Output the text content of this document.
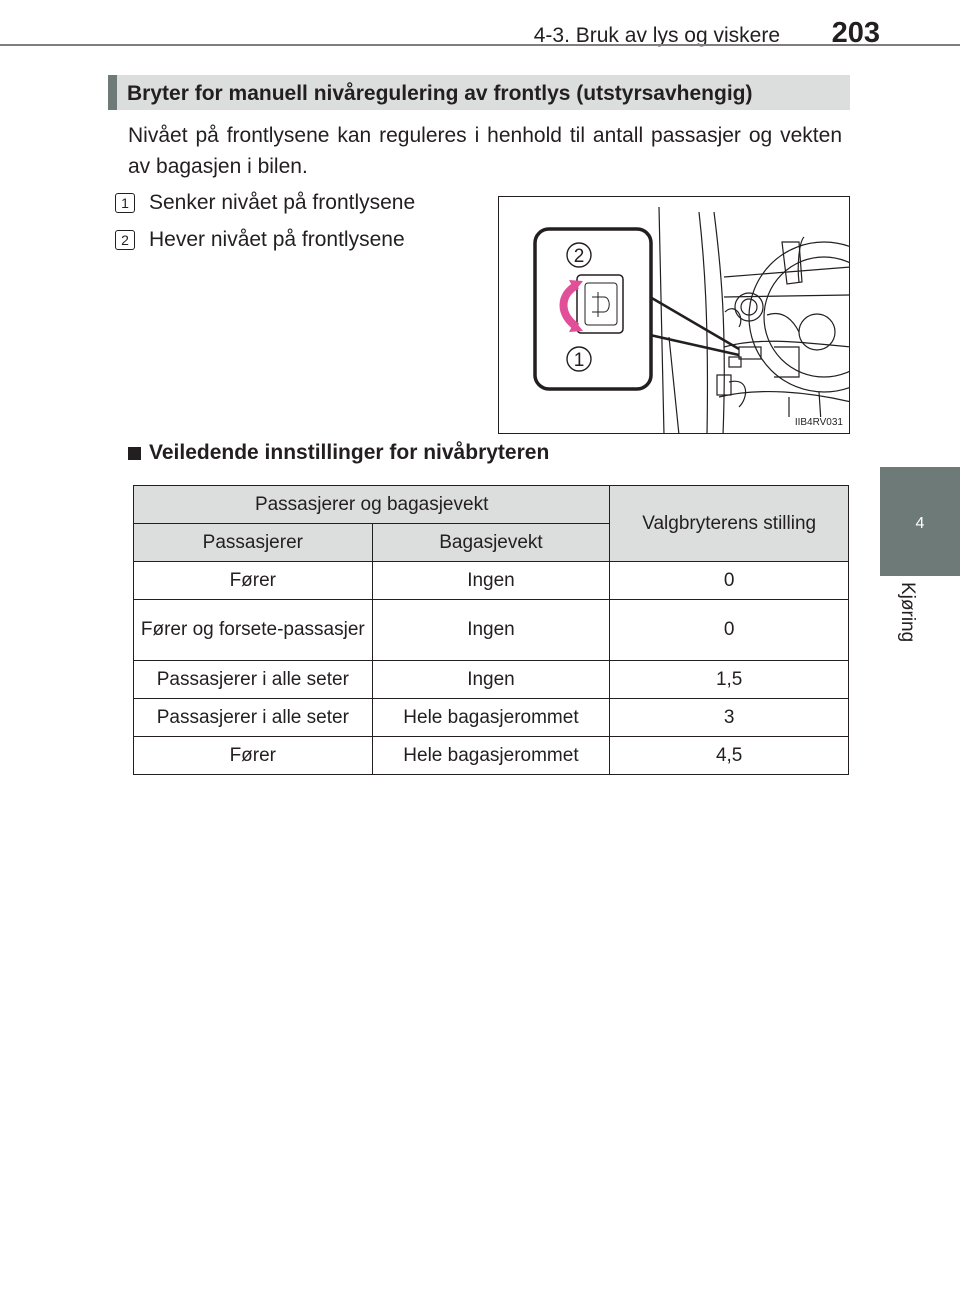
4-3. Bruk av lys og viskere 203
4
Kjøring
Bryter for manuell nivåregulering av frontlys (utstyrsavhengig)

Nivået på frontlysene kan reguleres i henhold til antall passasjer og vekten av bagasjen i bilen.

1 Senker nivået på frontlysene
2 Hever nivået på frontlysene
2
1
IIB4RV031
Veiledende innstillinger for nivåbryteren
Passasjerer og bagasjevekt		Valgbryterens stilling
Passasjerer	Bagasjevekt	
Fører	Ingen	0
Fører og forsete-passasjer	Ingen	0
Passasjerer i alle seter	Ingen	1,5
Passasjerer i alle seter	Hele bagasjerommet	3
Fører	Hele bagasjerommet	4,5
